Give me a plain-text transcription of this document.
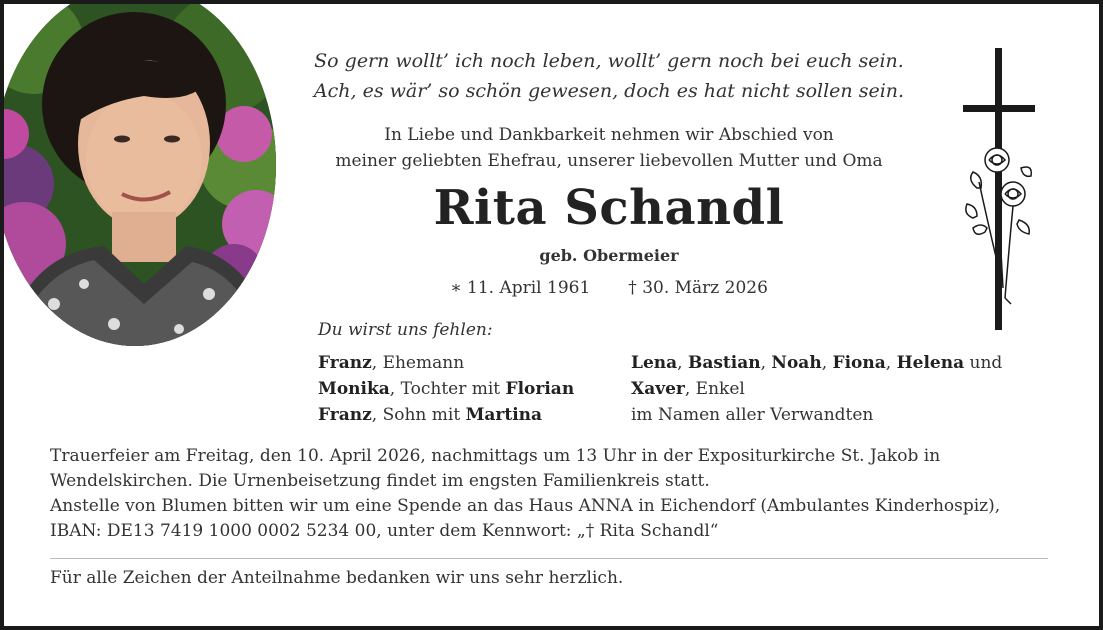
So gern wollt’ ich noch leben, wollt’ gern noch bei euch sein.
Ach, es wär’ so schön gewesen, doch es hat nicht sollen sein.
In Liebe und Dankbarkeit nehmen wir Abschied von
meiner geliebten Ehefrau, unserer liebevollen Mutter und Oma
Rita Schandl
geb. Obermeier
∗ 11. April 1961 † 30. März 2026
Du wirst uns fehlen:
Franz, Ehemann
Monika, Tochter mit Florian
Franz, Sohn mit Martina
Lena, Bastian, Noah, Fiona, Helena und
Xaver, Enkel
im Namen aller Verwandten

Trauerfeier am Freitag, den 10. April 2026, nachmittags um 13 Uhr in der Expositurkirche St. Jakob in Wendelskirchen. Die Urnenbeisetzung findet im engsten Familienkreis statt.

Anstelle von Blumen bitten wir um eine Spende an das Haus ANNA in Eichendorf (Ambulantes Kinderhospiz), IBAN: DE13 7419 1000 0002 5234 00, unter dem Kennwort: „† Rita Schandl“

Für alle Zeichen der Anteilnahme bedanken wir uns sehr herzlich.
